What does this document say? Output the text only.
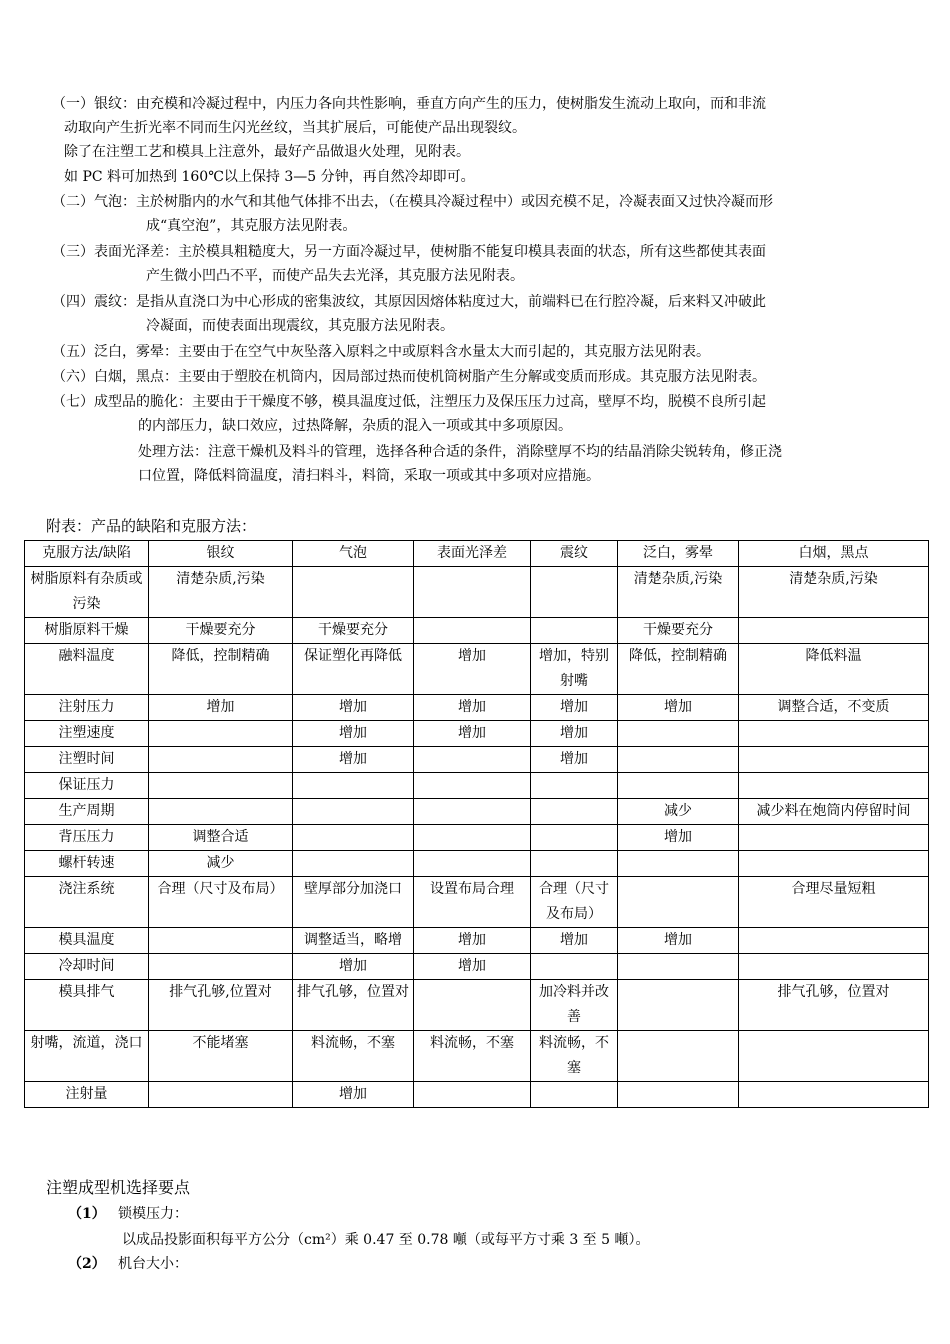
（一）银纹：由充模和冷凝过程中，内压力各向共性影响，垂直方向产生的压力，使树脂发生流动上取向，而和非流
动取向产生折光率不同而生闪光丝纹，当其扩展后，可能使产品出现裂纹。
除了在注塑工艺和模具上注意外，最好产品做退火处理，见附表。
如 PC 料可加热到 160℃以上保持 3—5 分钟，再自然冷却即可。
（二）气泡：主於树脂内的水气和其他气体排不出去，（在模具冷凝过程中）或因充模不足，冷凝表面又过快冷凝而形
成“真空泡”，其克服方法见附表。
（三）表面光泽差：主於模具粗糙度大，另一方面冷凝过早，使树脂不能复印模具表面的状态，所有这些都使其表面
产生微小凹凸不平，而使产品失去光泽，其克服方法见附表。
（四）震纹：是指从直浇口为中心形成的密集波纹，其原因因熔体粘度过大，前端料已在行腔冷凝，后来料又冲破此
冷凝面，而使表面出现震纹，其克服方法见附表。
（五）泛白，雾晕：主要由于在空气中灰坠落入原料之中或原料含水量太大而引起的，其克服方法见附表。
（六）白烟，黑点：主要由于塑胶在机筒内，因局部过热而使机筒树脂产生分解或变质而形成。其克服方法见附表。
（七）成型品的脆化：主要由于干燥度不够，模具温度过低，注塑压力及保压压力过高，壁厚不均，脱模不良所引起
的内部压力，缺口效应，过热降解，杂质的混入一项或其中多项原因。
处理方法：注意干燥机及料斗的管理，选择各种合适的条件，消除壁厚不均的结晶消除尖锐转角，修正浇
口位置，降低料筒温度，清扫料斗，料筒，采取一项或其中多项对应措施。
附表：产品的缺陷和克服方法：
克服方法/缺陷	银纹	气泡	表面光泽差	震纹	泛白，雾晕	白烟，黑点
树脂原料有杂质或污染	清楚杂质,污染				清楚杂质,污染	清楚杂质,污染
树脂原料干燥	干燥要充分	干燥要充分			干燥要充分	
融料温度	降低，控制精确	保证塑化再降低	增加	增加，特别射嘴	降低，控制精确	降低料温
注射压力	增加	增加	增加	增加	增加	调整合适，不变质
注塑速度		增加	增加	增加		
注塑时间		增加		增加		
保证压力						
生产周期					减少	减少料在炮筒内停留时间
背压压力	调整合适				增加	
螺杆转速	减少					
浇注系统	合理（尺寸及布局）	壁厚部分加浇口	设置布局合理	合理（尺寸及布局）		合理尽量短粗
模具温度		调整适当，略增	增加	增加	增加	
冷却时间		增加	增加			
模具排气	排气孔够,位置对	排气孔够，位置对		加冷料并改善		排气孔够，位置对
射嘴，流道，浇口	不能堵塞	料流畅，不塞	料流畅，不塞	料流畅，不塞		
注射量		增加				
注塑成型机选择要点
（1） 锁模压力：
以成品投影面积每平方公分（cm²）乘 0.47 至 0.78 噸（或每平方寸乘 3 至 5 噸）。
（2） 机台大小：
